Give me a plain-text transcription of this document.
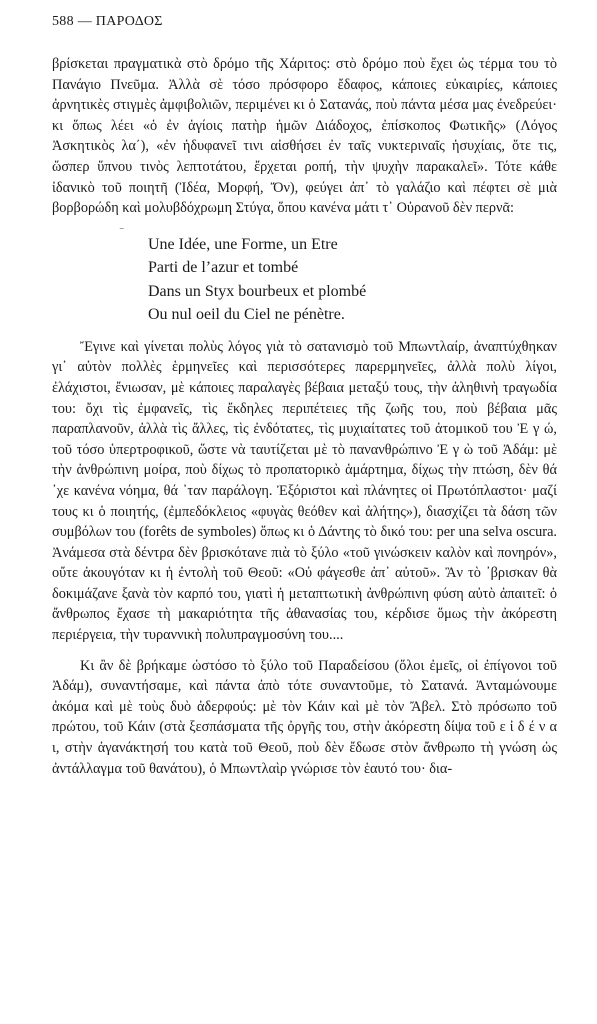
588 — ΠΑΡΟΔΟΣ

βρίσκεται πραγματικὰ στὸ δρόμο τῆς Χάριτος: στὸ δρόμο ποὺ ἔχει ὡς τέρμα του τὸ Πανάγιο Πνεῦμα. Ἀλλὰ σὲ τόσο πρόσφορο ἔδαφος, κάποιες εὐκαιρίες, κάποιες ἀρνητικὲς στιγμὲς ἀμφιβολιῶν, περιμένει κι ὁ Σατανάς, ποὺ πάντα μέσα μας ἐνεδρεύει· κι ὅπως λέει «ὁ ἐν ἁγίοις πατὴρ ἡμῶν Διάδοχος, ἐπίσκοπος Φωτικῆς» (Λόγος Ἀσκητικὸς λα΄), «ἐν ἡδυφανεῖ τινι αἰσθήσει ἐν ταῖς νυκτεριναῖς ἡσυχίαις, ὅτε τις, ὥσπερ ὕπνου τινὸς λεπτοτάτου, ἔρχεται ροπή, τὴν ψυχὴν παρακαλεῖ». Τότε κάθε ἰδανικὸ τοῦ ποιητῆ (Ἰδέα, Μορφή, Ὄν), φεύγει ἀπ᾿ τὸ γαλάζιο καὶ πέφτει σὲ μιὰ βορβορώδη καὶ μολυβδόχρωμη Στύγα, ὅπου κανένα μάτι τ᾿ Οὐρανοῦ δὲν περνᾶ:

‾
Une Idée, une Forme, un Etre
Parti de l’azur et tombé
Dans un Styx bourbeux et plombé
Ou nul oeil du Ciel ne pénètre.

Ἔγινε καὶ γίνεται πολὺς λόγος γιὰ τὸ σατανισμὸ τοῦ Μπωντλαίρ, ἀναπτύχθηκαν γι᾿ αὐτὸν πολλὲς ἑρμηνεῖες καὶ περισσότερες παρερμηνεῖες, ἀλλὰ πολὺ λίγοι, ἐλάχιστοι, ἔνιωσαν, μὲ κάποιες παραλαγὲς βέβαια μεταξύ τους, τὴν ἀληθινὴ τραγωδία του: ὄχι τὶς ἐμφανεῖς, τὶς ἔκδηλες περιπέτειες τῆς ζωῆς του, ποὺ βέβαια μᾶς παραπλανοῦν, ἀλλὰ τὶς ἄλλες, τὶς ἐνδότατες, τὶς μυχιαίτατες τοῦ ἀτομικοῦ του Ἐ γ ώ, τοῦ τόσο ὑπερτροφικοῦ, ὥστε νὰ ταυτίζεται μὲ τὸ πανανθρώπινο Ἐ γ ὼ τοῦ Ἀδάμ: μὲ τὴν ἀνθρώπινη μοίρα, ποὺ δίχως τὸ προπατορικὸ ἁμάρτημα, δίχως τὴν πτώση, δὲν θά ᾿χε κανένα νόημα, θά ᾿ταν παράλογη. Ἐξόριστοι καὶ πλάνητες οἱ Πρωτόπλαστοι· μαζί τους κι ὁ ποιητής, (ἐμπεδόκλειος «φυγὰς θεόθεν καὶ ἀλήτης»), διασχίζει τὰ δάση τῶν συμβόλων του (forêts de symboles) ὅπως κι ὁ Δάντης τὸ δικό του: per una selva oscura. Ἀνάμεσα στὰ δέντρα δὲν βρισκότανε πιὰ τὸ ξύλο «τοῦ γινώσκειν καλὸν καὶ πονηρόν», οὔτε ἀκουγόταν κι ἡ ἐντολὴ τοῦ Θεοῦ: «Οὐ φάγεσθε ἀπ᾿ αὐτοῦ». Ἂν τὸ ᾿βρισκαν θὰ δοκιμάζανε ξανὰ τὸν καρπό του, γιατὶ ἡ μεταπτωτικὴ ἀνθρώπινη φύση αὐτὸ ἀπαιτεῖ: ὁ ἄνθρωπος ἔχασε τὴ μακαριότητα τῆς ἀθανασίας του, κέρδισε ὅμως τὴν ἀκόρεστη περιέργεια, τὴν τυραννικὴ πολυπραγμοσύνη του....

Κι ἂν δὲ βρήκαμε ὡστόσο τὸ ξύλο τοῦ Παραδείσου (ὅλοι ἐμεῖς, οἱ ἐπίγονοι τοῦ Ἀδάμ), συναντήσαμε, καὶ πάντα ἀπὸ τότε συναντοῦμε, τὸ Σατανά. Ἀνταμώνουμε ἀκόμα καὶ μὲ τοὺς δυὸ ἀδερφούς: μὲ τὸν Κάιν καὶ μὲ τὸν Ἄβελ. Στὸ πρόσωπο τοῦ πρώτου, τοῦ Κάιν (στὰ ξεσπάσματα τῆς ὀργῆς του, στὴν ἀκόρεστη δίψα τοῦ ε ἰ δ έ ν α ι, στὴν ἀγανάκτησή του κατὰ τοῦ Θεοῦ, ποὺ δὲν ἔδωσε στὸν ἄνθρωπο τὴ γνώση ὡς ἀντάλλαγμα τοῦ θανάτου), ὁ Μπωντλαὶρ γνώρισε τὸν ἑαυτό του· δια-
